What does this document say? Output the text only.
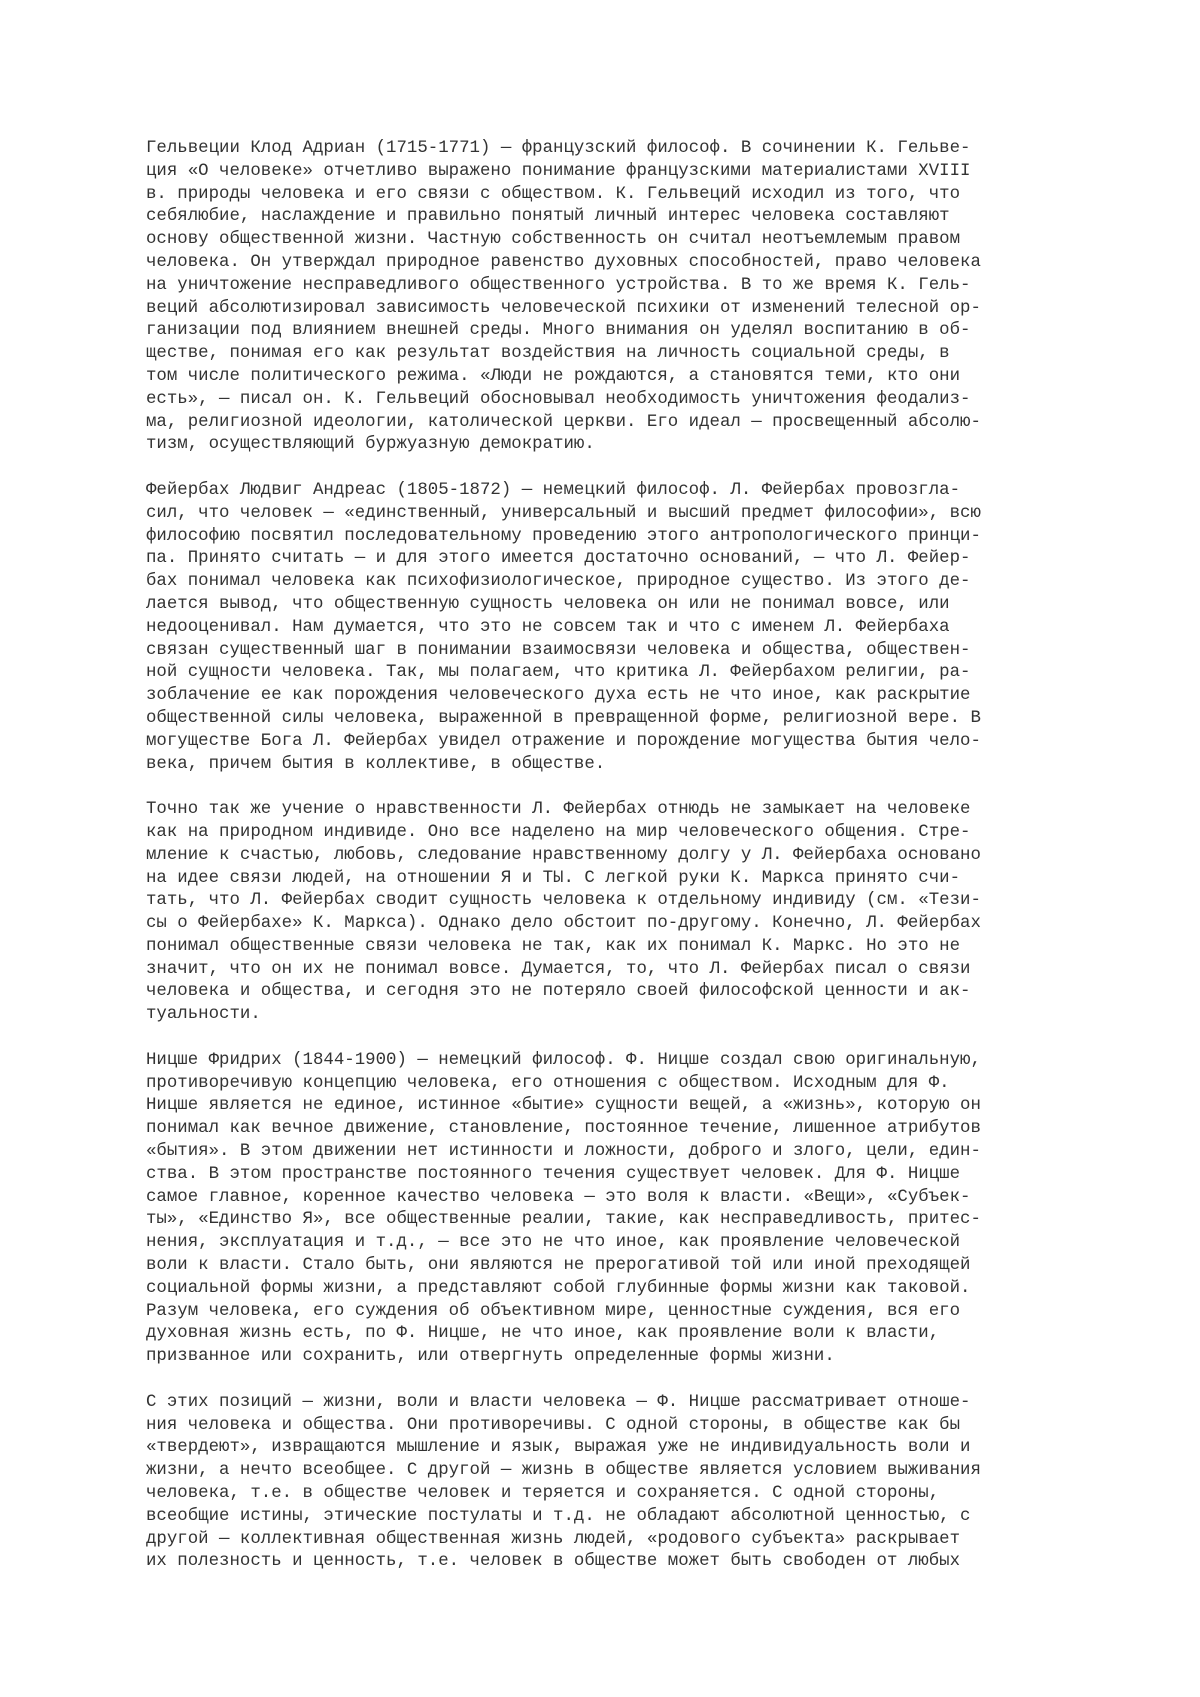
Гельвеции Клод Адриан (1715-1771) — французский философ. В сочинении К. Гельве-
ция «О человеке» отчетливо выражено понимание французскими материалистами XVIII
в. природы человека и его связи с обществом. К. Гельвеций исходил из того, что
себялюбие, наслаждение и правильно понятый личный интерес человека составляют
основу общественной жизни. Частную собственность он считал неотъемлемым правом
человека. Он утверждал природное равенство духовных способностей, право человека
на уничтожение несправедливого общественного устройства. В то же время К. Гель-
веций абсолютизировал зависимость человеческой психики от изменений телесной ор-
ганизации под влиянием внешней среды. Много внимания он уделял воспитанию в об-
ществе, понимая его как результат воздействия на личность социальной среды, в
том числе политического режима. «Люди не рождаются, а становятся теми, кто они
есть», — писал он. К. Гельвеций обосновывал необходимость уничтожения феодализ-
ма, религиозной идеологии, католической церкви. Его идеал — просвещенный абсолю-
тизм, осуществляющий буржуазную демократию.
Фейербах Людвиг Андреас (1805-1872) — немецкий философ. Л. Фейербах провозгла-
сил, что человек — «единственный, универсальный и высший предмет философии», всю
философию посвятил последовательному проведению этого антропологического принци-
па. Принято считать — и для этого имеется достаточно оснований, — что Л. Фейер-
бах понимал человека как психофизиологическое, природное существо. Из этого де-
лается вывод, что общественную сущность человека он или не понимал вовсе, или
недооценивал. Нам думается, что это не совсем так и что с именем Л. Фейербаха
связан существенный шаг в понимании взаимосвязи человека и общества, обществен-
ной сущности человека. Так, мы полагаем, что критика Л. Фейербахом религии, ра-
зоблачение ее как порождения человеческого духа есть не что иное, как раскрытие
общественной силы человека, выраженной в превращенной форме, религиозной вере. В
могуществе Бога Л. Фейербах увидел отражение и порождение могущества бытия чело-
века, причем бытия в коллективе, в обществе.
Точно так же учение о нравственности Л. Фейербах отнюдь не замыкает на человеке
как на природном индивиде. Оно все наделено на мир человеческого общения. Стре-
мление к счастью, любовь, следование нравственному долгу у Л. Фейербаха основано
на идее связи людей, на отношении Я и ТЫ. С легкой руки К. Маркса принято счи-
тать, что Л. Фейербах сводит сущность человека к отдельному индивиду (см. «Тези-
сы о Фейербахе» К. Маркса). Однако дело обстоит по-другому. Конечно, Л. Фейербах
понимал общественные связи человека не так, как их понимал К. Маркс. Но это не
значит, что он их не понимал вовсе. Думается, то, что Л. Фейербах писал о связи
человека и общества, и сегодня это не потеряло своей философской ценности и ак-
туальности.
Ницше Фридрих (1844-1900) — немецкий философ. Ф. Ницше создал свою оригинальную,
противоречивую концепцию человека, его отношения с обществом. Исходным для Ф.
Ницше является не единое, истинное «бытие» сущности вещей, а «жизнь», которую он
понимал как вечное движение, становление, постоянное течение, лишенное атрибутов
«бытия». В этом движении нет истинности и ложности, доброго и злого, цели, един-
ства. В этом пространстве постоянного течения существует человек. Для Ф. Ницше
самое главное, коренное качество человека — это воля к власти. «Вещи», «Субъек-
ты», «Единство Я», все общественные реалии, такие, как несправедливость, притес-
нения, эксплуатация и т.д., — все это не что иное, как проявление человеческой
воли к власти. Стало быть, они являются не прерогативой той или иной преходящей
социальной формы жизни, а представляют собой глубинные формы жизни как таковой.
Разум человека, его суждения об объективном мире, ценностные суждения, вся его
духовная жизнь есть, по Ф. Ницше, не что иное, как проявление воли к власти,
призванное или сохранить, или отвергнуть определенные формы жизни.
С этих позиций — жизни, воли и власти человека — Ф. Ницше рассматривает отноше-
ния человека и общества. Они противоречивы. С одной стороны, в обществе как бы
«твердеют», извращаются мышление и язык, выражая уже не индивидуальность воли и
жизни, а нечто всеобщее. С другой — жизнь в обществе является условием выживания
человека, т.е. в обществе человек и теряется и сохраняется. С одной стороны,
всеобщие истины, этические постулаты и т.д. не обладают абсолютной ценностью, с
другой — коллективная общественная жизнь людей, «родового субъекта» раскрывает
их полезность и ценность, т.е. человек в обществе может быть свободен от любых
